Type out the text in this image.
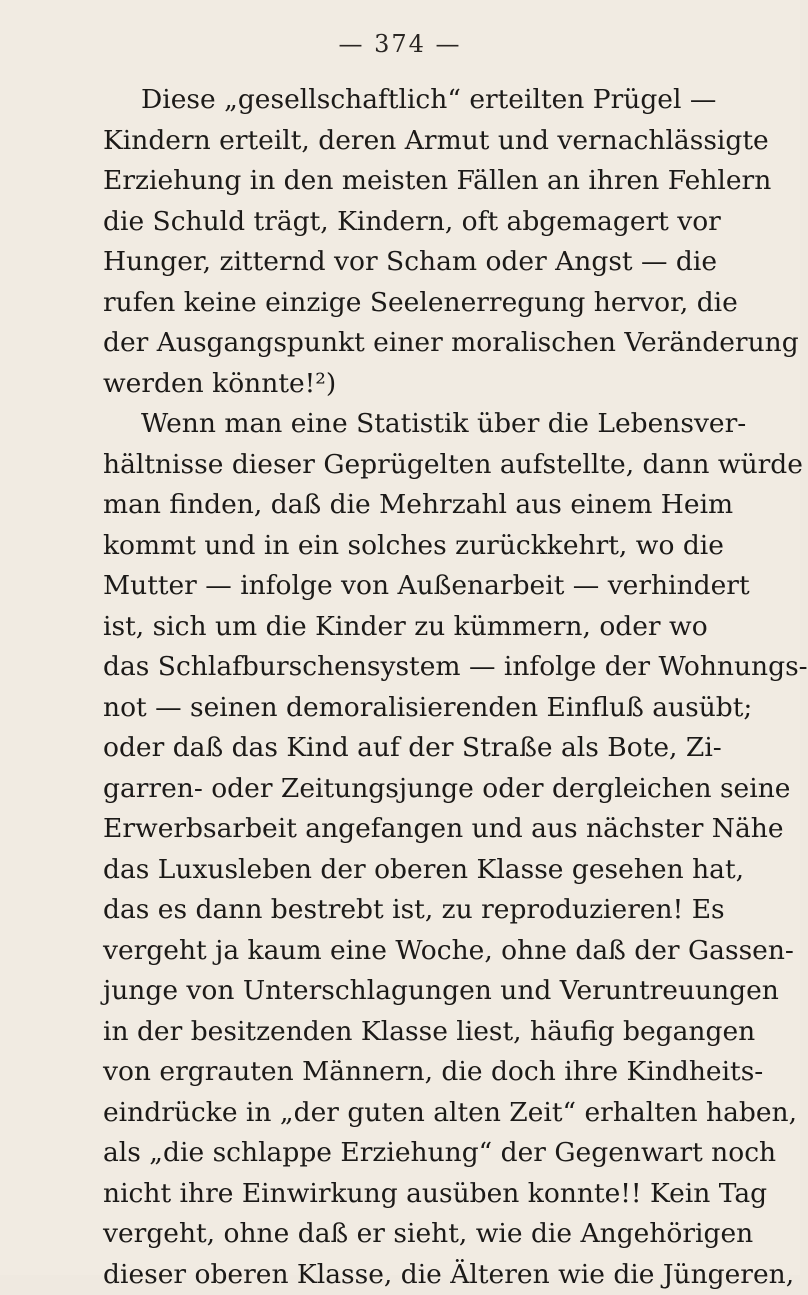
— 374 —
Diese „gesellschaftlich“ erteilten Prügel —
Kindern erteilt, deren Armut und vernachlässigte
Erziehung in den meisten Fällen an ihren Fehlern
die Schuld trägt, Kindern, oft abgemagert vor
Hunger, zitternd vor Scham oder Angst — die
rufen keine einzige Seelenerregung hervor, die
der Ausgangspunkt einer moralischen Veränderung
werden könnte!²)
Wenn man eine Statistik über die Lebensver-
hältnisse dieser Geprügelten aufstellte, dann würde
man finden, daß die Mehrzahl aus einem Heim
kommt und in ein solches zurückkehrt, wo die
Mutter — infolge von Außenarbeit — verhindert
ist, sich um die Kinder zu kümmern, oder wo
das Schlafburschensystem — infolge der Wohnungs-
not — seinen demoralisierenden Einfluß ausübt;
oder daß das Kind auf der Straße als Bote, Zi-
garren- oder Zeitungsjunge oder dergleichen seine
Erwerbsarbeit angefangen und aus nächster Nähe
das Luxusleben der oberen Klasse gesehen hat,
das es dann bestrebt ist, zu reproduzieren! Es
vergeht ja kaum eine Woche, ohne daß der Gassen-
junge von Unterschlagungen und Veruntreuungen
in der besitzenden Klasse liest, häufig begangen
von ergrauten Männern, die doch ihre Kindheits-
eindrücke in „der guten alten Zeit“ erhalten haben,
als „die schlappe Erziehung“ der Gegenwart noch
nicht ihre Einwirkung ausüben konnte!! Kein Tag
vergeht, ohne daß er sieht, wie die Angehörigen
dieser oberen Klasse, die Älteren wie die Jüngeren,
